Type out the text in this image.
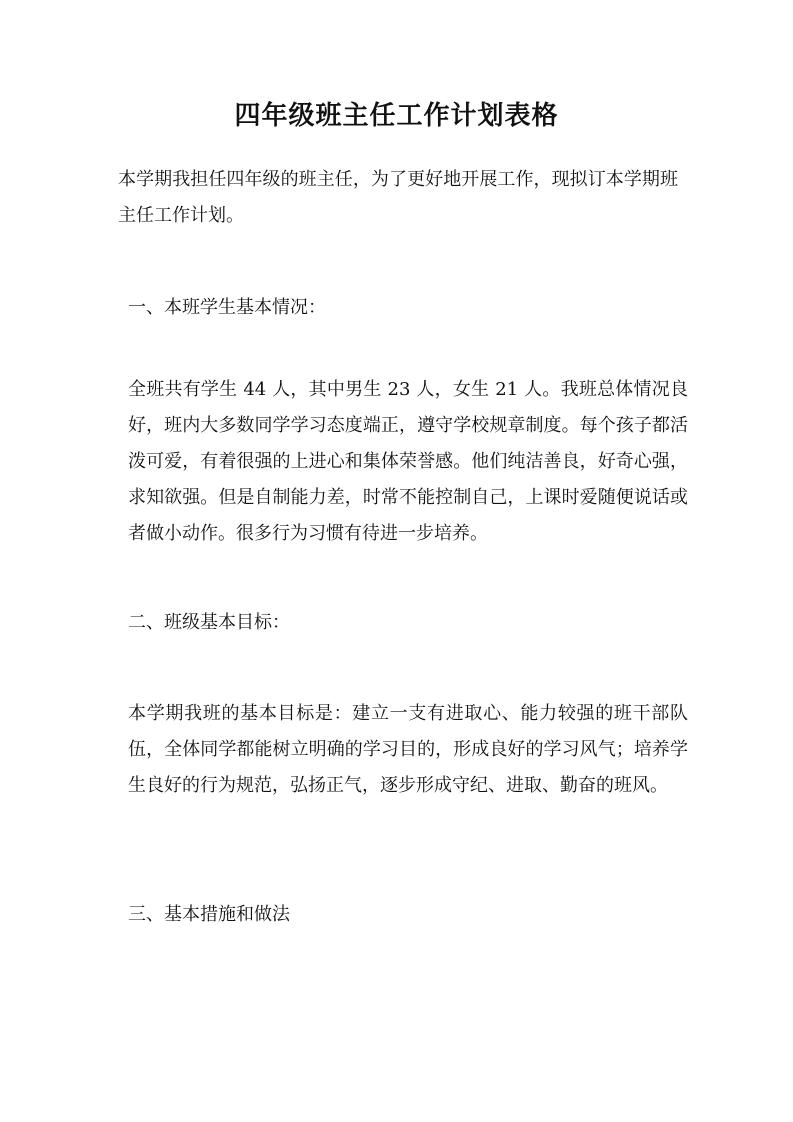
四年级班主任工作计划表格

本学期我担任四年级的班主任，为了更好地开展工作，现拟订本学期班主任工作计划。

一、本班学生基本情况：

全班共有学生 44 人，其中男生 23 人，女生 21 人。我班总体情况良好，班内大多数同学学习态度端正，遵守学校规章制度。每个孩子都活泼可爱，有着很强的上进心和集体荣誉感。他们纯洁善良，好奇心强，求知欲强。但是自制能力差，时常不能控制自己，上课时爱随便说话或者做小动作。很多行为习惯有待进一步培养。

二、班级基本目标：

本学期我班的基本目标是：建立一支有进取心、能力较强的班干部队伍，全体同学都能树立明确的学习目的，形成良好的学习风气；培养学生良好的行为规范，弘扬正气，逐步形成守纪、进取、勤奋的班风。

三、基本措施和做法
